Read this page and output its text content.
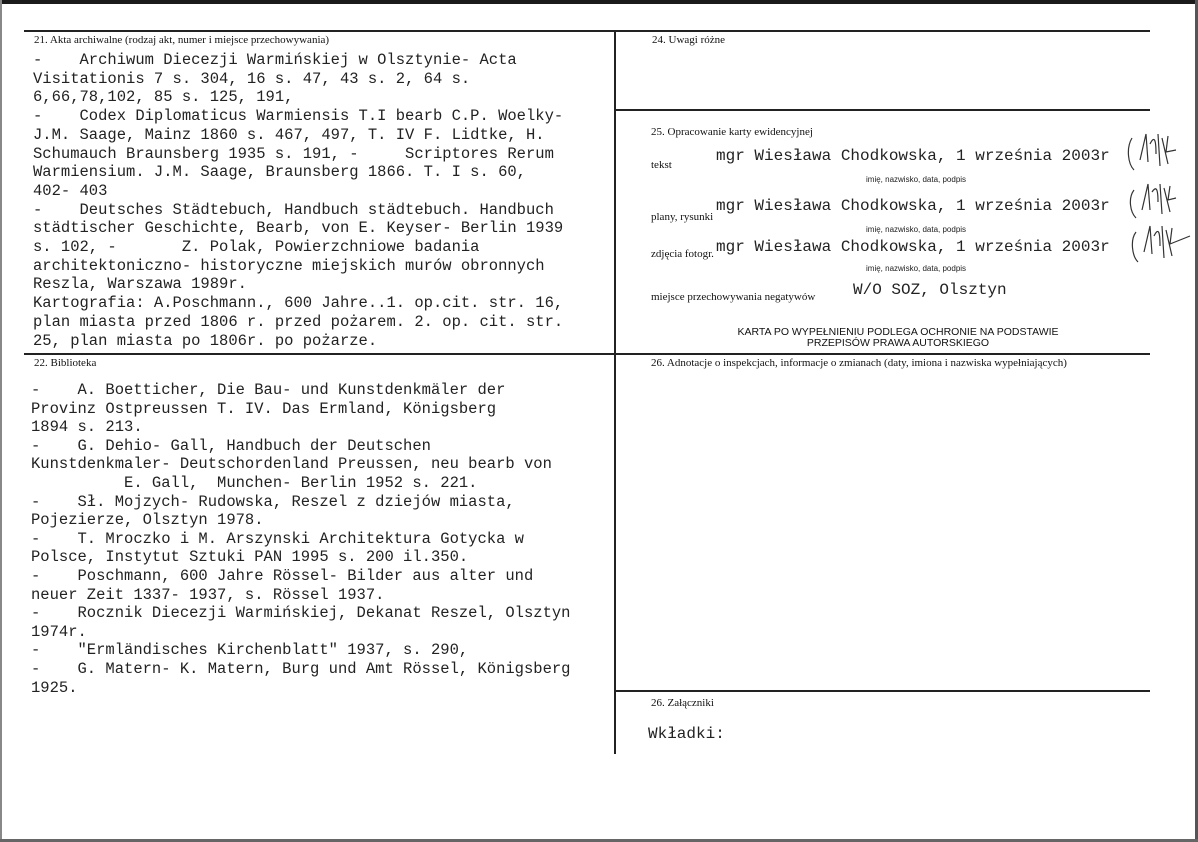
21. Akta archiwalne (rodzaj akt, numer i miejsce przechowywania)
-    Archiwum Diecezji Warmińskiej w Olsztynie- Acta
Visitationis 7 s. 304, 16 s. 47, 43 s. 2, 64 s.
6,66,78,102, 85 s. 125, 191,
-    Codex Diplomaticus Warmiensis T.I bearb C.P. Woelky-
J.M. Saage, Mainz 1860 s. 467, 497, T. IV F. Lidtke, H.
Schumauch Braunsberg 1935 s. 191, -     Scriptores Rerum
Warmiensium. J.M. Saage, Braunsberg 1866. T. I s. 60,
402- 403
-    Deutsches Städtebuch, Handbuch städtebuch. Handbuch
städtischer Geschichte, Bearb, von E. Keyser- Berlin 1939
s. 102, -       Z. Polak, Powierzchniowe badania
architektoniczno- historyczne miejskich murów obronnych
Reszla, Warszawa 1989r.
Kartografia: A.Poschmann., 600 Jahre..1. op.cit. str. 16,
plan miasta przed 1806 r. przed pożarem. 2. op. cit. str.
25, plan miasta po 1806r. po pożarze.
22. Biblioteka
-    A. Boetticher, Die Bau- und Kunstdenkmäler der
Provinz Ostpreussen T. IV. Das Ermland, Königsberg
1894 s. 213.
-    G. Dehio- Gall, Handbuch der Deutschen
Kunstdenkmaler- Deutschordenland Preussen, neu bearb von
E. Gall,  Munchen- Berlin 1952 s. 221.
-    Sł. Mojzych- Rudowska, Reszel z dziejów miasta,
Pojezierze, Olsztyn 1978.
-    T. Mroczko i M. Arszynski Architektura Gotycka w
Polsce, Instytut Sztuki PAN 1995 s. 200 il.350.
-    Poschmann, 600 Jahre Rössel- Bilder aus alter und
neuer Zeit 1337- 1937, s. Rössel 1937.
-    Rocznik Diecezji Warmińskiej, Dekanat Reszel, Olsztyn
1974r.
-    "Ermländisches Kirchenblatt" 1937, s. 290,
-    G. Matern- K. Matern, Burg und Amt Rössel, Königsberg
1925.
24. Uwagi różne
25. Opracowanie karty ewidencyjnej
tekst	mgr Wiesława Chodkowska, 1 września 2003r
imię, nazwisko, data, podpis
plany, rysunki
mgr Wiesława Chodkowska, 1 września 2003r
imię, nazwisko, data, podpis
zdjęcia fotogr. mgr Wiesława Chodkowska, 1 września 2003r
imię, nazwisko, data, podpis
miejsce przechowywania negatywów W/O SOZ, Olsztyn
KARTA PO WYPEŁNIENIU PODLEGA OCHRONIE NA PODSTAWIE
PRZEPISÓW PRAWA AUTORSKIEGO
26. Adnotacje o inspekcjach, informacje o zmianach (daty, imiona i nazwiska wypełniających)
26. Załączniki
Wkładki:
